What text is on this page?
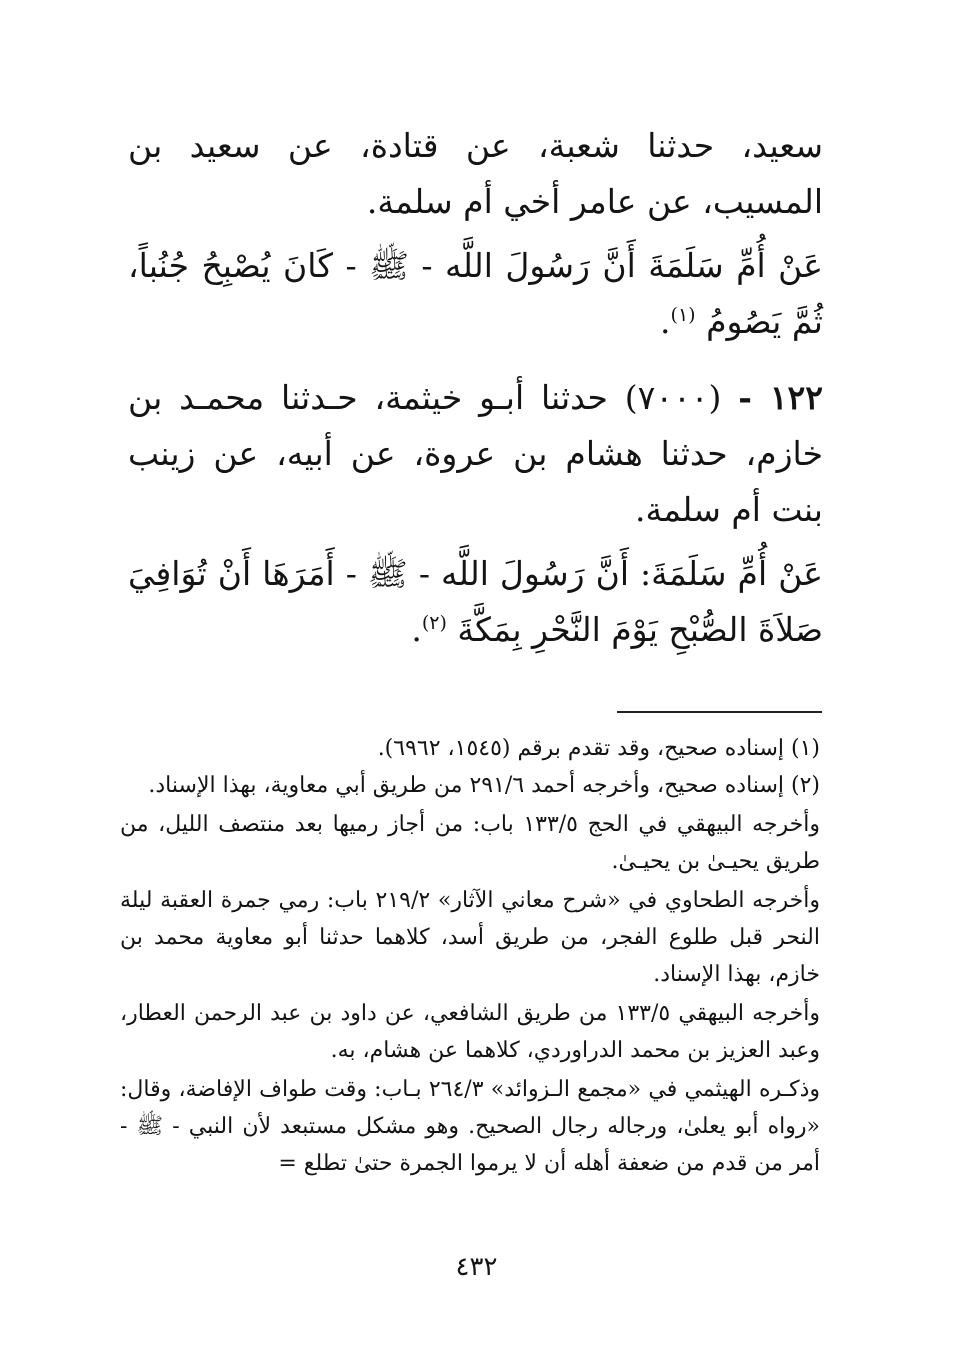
سعيد، حدثنا شعبة، عن قتادة، عن سعيد بن المسيب، عن عامر أخي أم سلمة.

عَنْ أُمِّ سَلَمَةَ أَنَّ رَسُولَ اللَّه - ﷺ - كَانَ يُصْبِحُ جُنُباً، ثُمَّ يَصُومُ $^{(١)}$.

١٢٢ - (٧٠٠٠) حدثنا أبـو خيثمة، حـدثنا محمـد بن خازم، حدثنا هشام بن عروة، عن أبيه، عن زينب بنت أم سلمة.

عَنْ أُمِّ سَلَمَةَ: أَنَّ رَسُولَ اللَّه - ﷺ - أَمَرَهَا أَنْ تُوَافِيَ صَلاَةَ الصُّبْحِ يَوْمَ النَّحْرِ بِمَكَّةَ $^{(٢)}$.

(١) إسناده صحيح، وقد تقدم برقم (١٥٤٥، ٦٩٦٢).

(٢) إسناده صحيح، وأخرجه أحمد ٢٩١/٦ من طريق أبي معاوية، بهذا الإسناد.

وأخرجه البيهقي في الحج ١٣٣/٥ باب: من أجاز رميها بعد منتصف الليل، من طريق يحيـىٰ بن يحيـىٰ.

وأخرجه الطحاوي في «شرح معاني الآثار» ٢١٩/٢ باب: رمي جمرة العقبة ليلة النحر قبل طلوع الفجر، من طريق أسد، كلاهما حدثنا أبو معاوية محمد بن خازم، بهذا الإسناد.

وأخرجه البيهقي ١٣٣/٥ من طريق الشافعي، عن داود بن عبد الرحمن العطار، وعبد العزيز بن محمد الدراوردي، كلاهما عن هشام، به.

وذكـره الهيثمي في «مجمع الـزوائد» ٢٦٤/٣ بـاب: وقت طواف الإفاضة، وقال: «رواه أبو يعلىٰ، ورجاله رجال الصحيح. وهو مشكل مستبعد لأن النبي - ﷺ - أمر من قدم من ضعفة أهله أن لا يرموا الجمرة حتىٰ تطلع =

٤٣٢
